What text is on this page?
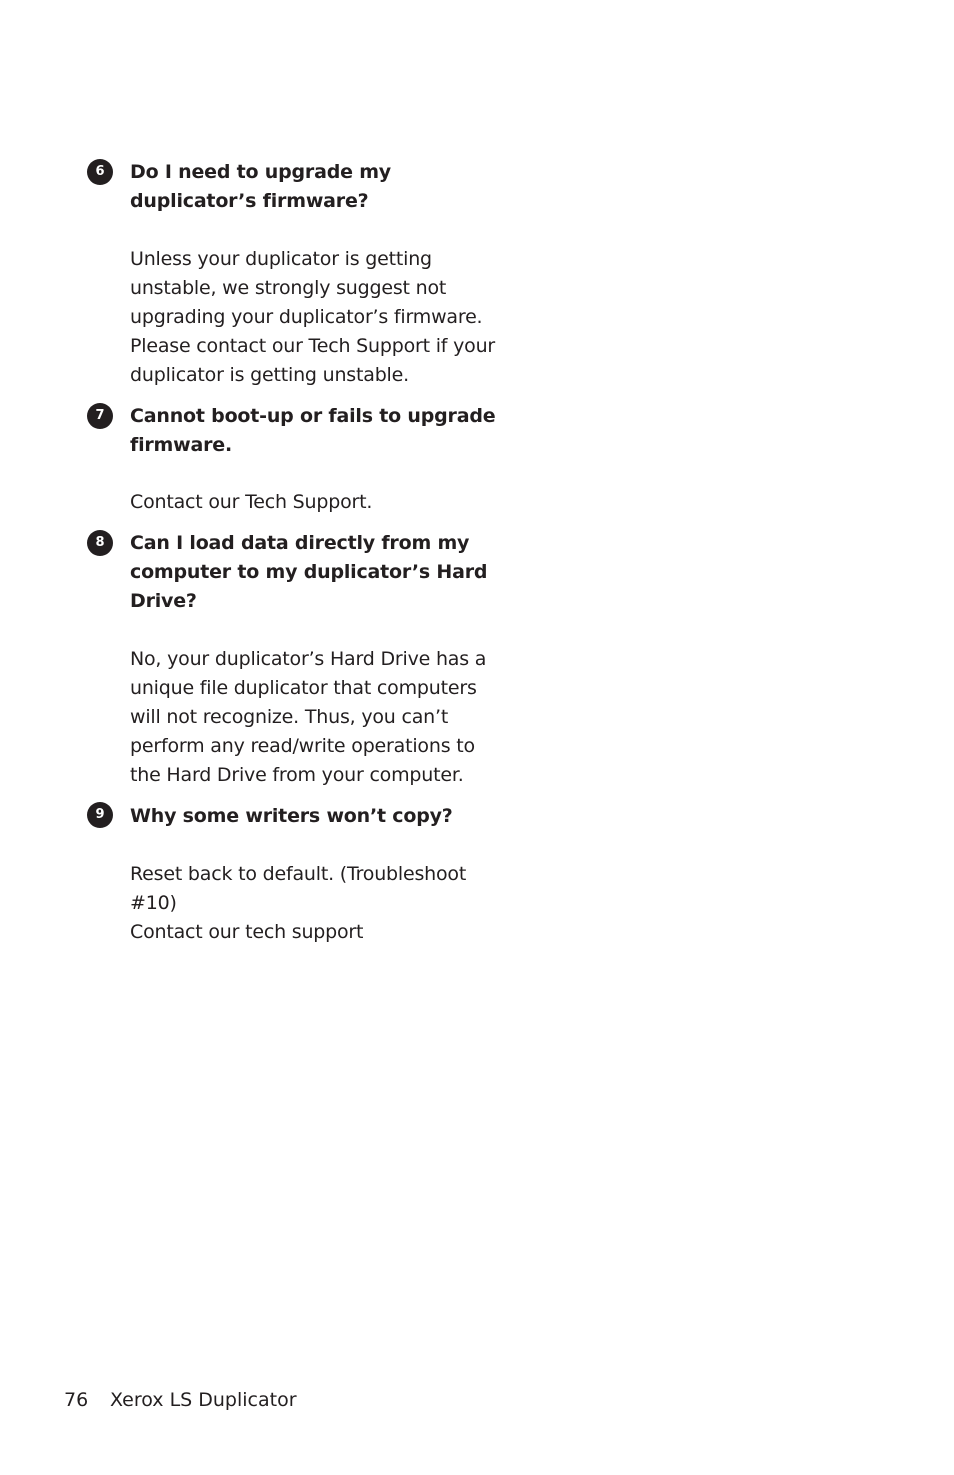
6	Do I need to upgrade my duplicator’s firmware?

Unless your duplicator is getting unstable, we strongly suggest not upgrading your duplicator’s firmware. Please contact our Tech Support if your duplicator is getting unstable.

7	Cannot boot-up or fails to upgrade firmware.

Contact our Tech Support.

8	Can I load data directly from my computer to my duplicator’s Hard Drive?

No, your duplicator’s Hard Drive has a unique file duplicator that computers will not recognize. Thus, you can’t perform any read/write operations to the Hard Drive from your computer.

9	Why some writers won’t copy?

Reset back to default. (Troubleshoot #10)
Contact our tech support

76 Xerox LS Duplicator
